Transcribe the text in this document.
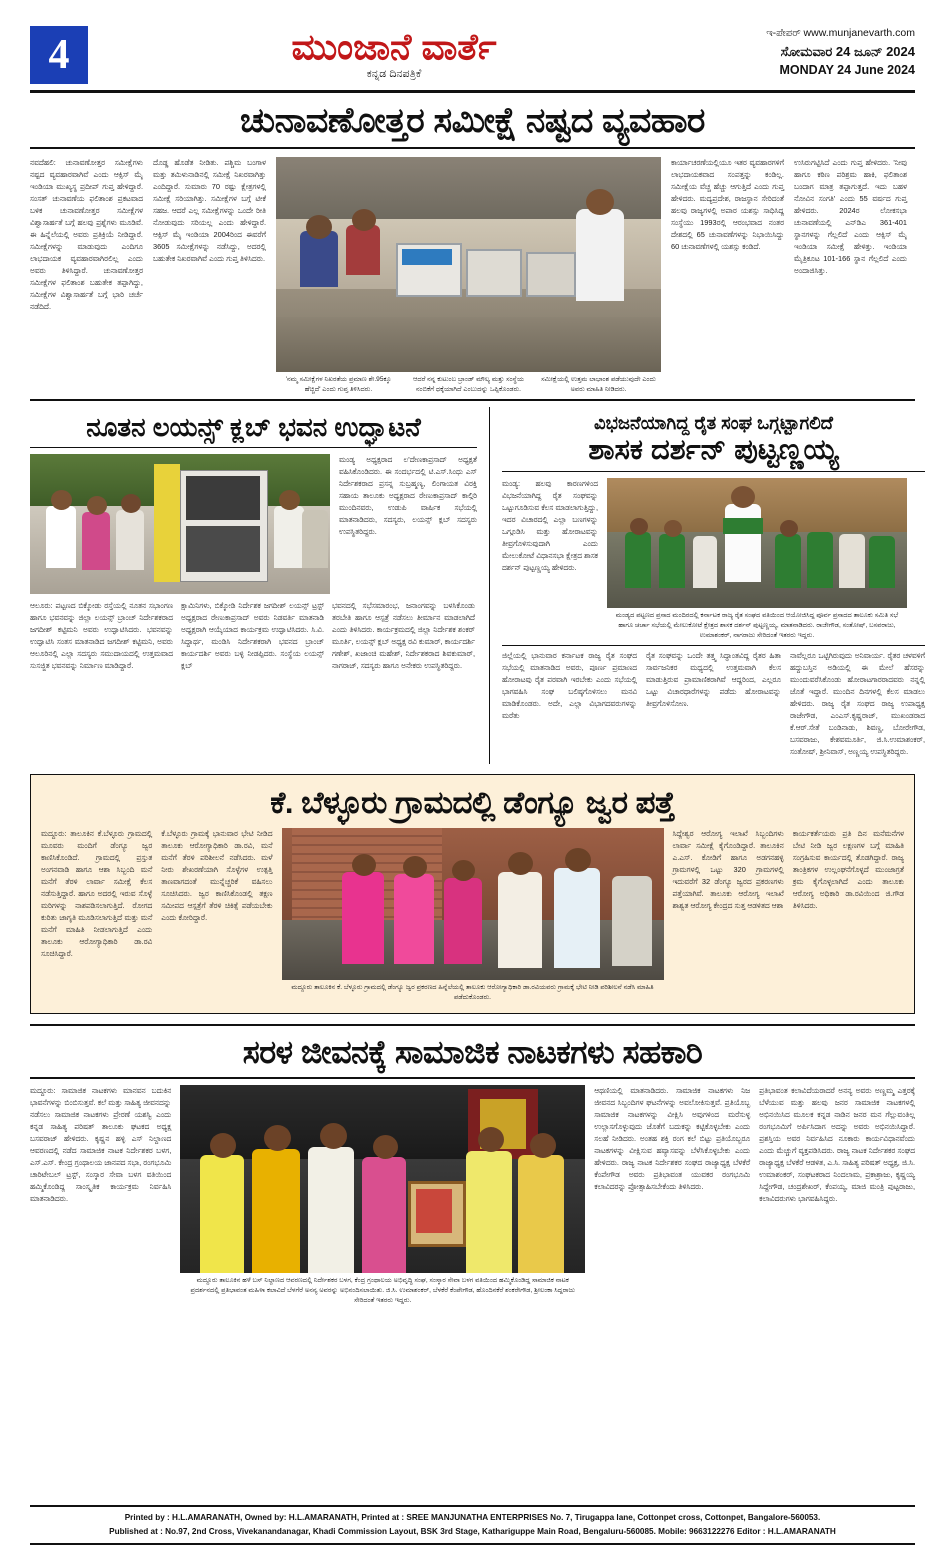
4	ಮುಂಜಾನೆ ವಾರ್ತೆ
ಕನ್ನಡ ದಿನಪತ್ರಿಕೆ
ಇ-ಪೇಪರ್ www.munjanevarth.com
ಸೋಮವಾರ 24 ಜೂನ್ 2024
MONDAY 24 June 2024
ಚುನಾವಣೋತ್ತರ ಸಮೀಕ್ಷೆ ನಷ್ಟದ ವ್ಯವಹಾರ

ನವದೆಹಲಿ: ಚುನಾವಣೋತ್ತರ ಸಮೀಕ್ಷೆಗಳು ನಷ್ಟದ ವ್ಯವಹಾರವಾಗಿವೆ ಎಂದು ಆಕ್ಸಿಸ್ ಮೈ ಇಂಡಿಯಾ ಮುಖ್ಯಸ್ಥ ಪ್ರದೀಪ್ ಗುಪ್ತ ಹೇಳಿದ್ದಾರೆ. ಸಂಸತ್ ಚುನಾವಣೆಯ ಫಲಿತಾಂಶ ಪ್ರಕಟವಾದ ಬಳಿಕ ಚುನಾವಣೋತ್ತರ ಸಮೀಕ್ಷೆಗಳ ವಿಶ್ವಾಸಾರ್ಹತೆ ಬಗ್ಗೆ ಹಲವು ಪ್ರಶ್ನೆಗಳು ಮೂಡಿವೆ. ಈ ಹಿನ್ನೆಲೆಯಲ್ಲಿ ಅವರು ಪ್ರತಿಕ್ರಿಯೆ ನೀಡಿದ್ದಾರೆ. ಸಮೀಕ್ಷೆಗಳನ್ನು ಮಾಡುವುದು ಎಂದಿಗೂ ಲಾಭದಾಯಕ ವ್ಯವಹಾರವಾಗಿರಲಿಲ್ಲ ಎಂದು ಅವರು ತಿಳಿಸಿದ್ದಾರೆ. ಚುನಾವಣೋತ್ತರ ಸಮೀಕ್ಷೆಗಳ ಫಲಿತಾಂಶ ಬಹುತೇಕ ತಪ್ಪಾಗಿದ್ದು, ಸಮೀಕ್ಷೆಗಳ ವಿಶ್ವಾಸಾರ್ಹತೆ ಬಗ್ಗೆ ಭಾರಿ ಚರ್ಚೆ ನಡೆದಿದೆ.

ದೊಡ್ಡ ಹೊಡೆತ ನೀಡಿತು. ಪಶ್ಚಿಮ ಬಂಗಾಳ ಮತ್ತು ತಮಿಳುನಾಡಿನಲ್ಲಿ ಸಮೀಕ್ಷೆ ನಿಖರವಾಗಿತ್ತು ಎಂದಿದ್ದಾರೆ. ಸುಮಾರು 70 ರಷ್ಟು ಕ್ಷೇತ್ರಗಳಲ್ಲಿ ಸಮೀಕ್ಷೆ ಸರಿಯಾಗಿತ್ತು. ಸಮೀಕ್ಷೆಗಳ ಬಗ್ಗೆ ಟೀಕೆ ಸಹಜ. ಆದರೆ ಎಲ್ಲ ಸಮೀಕ್ಷೆಗಳನ್ನು ಒಂದೇ ರೀತಿ ನೋಡುವುದು ಸರಿಯಲ್ಲ ಎಂದು ಹೇಳಿದ್ದಾರೆ. ಆಕ್ಸಿಸ್ ಮೈ ಇಂಡಿಯಾ 2004ರಿಂದ ಈವರೆಗೆ 3605 ಸಮೀಕ್ಷೆಗಳನ್ನು ನಡೆಸಿದ್ದು, ಅದರಲ್ಲಿ ಬಹುತೇಕ ನಿಖರವಾಗಿವೆ ಎಂದು ಗುಪ್ತ ತಿಳಿಸಿದರು.

'ನಮ್ಮ ಸಮೀಕ್ಷೆಗಳ ನಿಖರತೆಯ ಪ್ರಮಾಣ ಶೇ.95ಕ್ಕೂ ಹೆಚ್ಚಿದೆ' ಎಂದು ಗುಪ್ತ ತಿಳಿಸಿದರು.
ಆದರೆ ನನ್ನ ಕುಟುಂಬ ಬ್ರಾಂಡ್ ಮೌಲ್ಯ ಮತ್ತು ಸಂಸ್ಥೆಯ ನಂಬಿಕೆಗೆ ಧಕ್ಕೆಯಾಗಿದೆ ಎಂಬುದನ್ನು ಒಪ್ಪಿಕೊಂಡರು.
ಸಮೀಕ್ಷೆಯಲ್ಲಿ ಉತ್ತಮ ಲಾಭಾಂಶ ಪಡೆಯುವುದೇ ಎಂದು ಅವರು ಮಾಹಿತಿ ನೀಡಿದರು.

ಕಾರ್ಯಾಚರಣೆಯಲ್ಲಿಯೂ ಇತರ ವ್ಯವಹಾರಗಳಿಗೆ ಲಾಭದಾಯಕವಾದ ಸಂಪತ್ತನ್ನು ಕಂಡಿಲ್ಲ. ಸಮೀಕ್ಷೆಯ ವೆಚ್ಚ ಹೆಚ್ಚು ಆಗುತ್ತಿದೆ ಎಂದು ಗುಪ್ತ ಹೇಳಿದರು. ಮದ್ಯಪ್ರದೇಶ, ರಾಜಸ್ಥಾನ ಸೇರಿದಂತೆ ಹಲವು ರಾಜ್ಯಗಳಲ್ಲಿ ಅಪಾರ ಯಶಸ್ಸು ಸಾಧಿಸಿದ್ದ ಸಂಸ್ಥೆಯು 1993ರಲ್ಲಿ ಆರಂಭವಾದ ನಂತರ ದೇಶದಲ್ಲಿ 65 ಚುನಾವಣೆಗಳನ್ನು ನಿಭಾಯಿಸಿದ್ದು 60 ಚುನಾವಣೆಗಳಲ್ಲಿ ಯಶಸ್ಸು ಕಂಡಿದೆ.

ಉಸಿರುಗಟ್ಟಿಸಿದೆ ಎಂದು ಗುಪ್ತ ಹೇಳಿದರು. 'ನೀವು ಹಾಗೂ ಕಠಿಣ ಪರಿಶ್ರಮ ಹಾಕಿ, ಫಲಿತಾಂಶ ಬಂದಾಗ ಮಾತ್ರ ತಪ್ಪಾಗುತ್ತದೆ. ಇದು ಬಹಳ ನೋವಿನ ಸಂಗತಿ' ಎಂದು 55 ವರ್ಷದ ಗುಪ್ತ ಹೇಳಿದರು. 2024ರ ಲೋಕಸಭಾ ಚುನಾವಣೆಯಲ್ಲಿ ಎನ್‌ಡಿಎ 361-401 ಸ್ಥಾನಗಳನ್ನು ಗೆಲ್ಲಲಿದೆ ಎಂದು ಆಕ್ಸಿಸ್ ಮೈ ಇಂಡಿಯಾ ಸಮೀಕ್ಷೆ ಹೇಳಿತ್ತು. ಇಂಡಿಯಾ ಮೈತ್ರಿಕೂಟ 101-166 ಸ್ಥಾನ ಗೆಲ್ಲಲಿದೆ ಎಂದು ಅಂದಾಜಿಸಿತ್ತು.

ನೂತನ ಲಯನ್ಸ್ ಕ್ಲಬ್ ಭವನ ಉದ್ಘಾಟನೆ

ಮಂಡ್ಯ ಅಧ್ಯಕ್ಷರಾದ ಲ'ದೇಣಕಾಪ್ರಸಾದ್ ಅಧ್ಯಕ್ಷತೆ ವಹಿಸಿಕೊಂಡಿದರು. ಈ ಸಂದರ್ಭದಲ್ಲಿ ಟಿ.ಎಸ್.ಸಿಂಧು ಎಸ್ ನಿರ್ದೇಶಕರಾದ ಪ್ರಸನ್ನ ಸುಬ್ರಹ್ಮಣ್ಯ, ಲಿಂಗಾಯತ ವಿರಕ್ತಿ ಸಹಾಯ ತಾಲೂಕು ಅಧ್ಯಕ್ಷರಾದ ರೇಣುಕಾಪ್ರಸಾದ್ ಕಾಲ್ಗಿರಿ ಮುಂದಿನವರು, ಉಡುಪಿ ವಾರ್ಷಿಕ ಸಭೆಯಲ್ಲಿ ಮಾತನಾಡಿದರು, ಸದಸ್ಯರು, ಲಯನ್ಸ್ ಕ್ಲಬ್ ಸದಸ್ಯರು ಉಪಸ್ಥಿತರಿದ್ದರು.

ಆಲೂರು: ಪಟ್ಟಣದ ಬಿಕ್ಕೋಡು ರಸ್ತೆಯಲ್ಲಿ ನೂತನ ಸಭಾಂಗಣ ಹಾಗೂ ಭವನವನ್ನು ಜಿಲ್ಲಾ ಲಯನ್ಸ್ ಬ್ರಾಂಚ್ ನಿರ್ದೇಶಕರಾದ ಜಗದೀಶ್ ಕಟ್ಟಿಮನಿ ಅವರು ಉದ್ಘಾಟಿಸಿದರು. ಭವನವನ್ನು ಉದ್ಘಾಟಿಸಿ ಸಂತಸ ಮಾತನಾಡಿದ ಜಗದೀಶ್ ಕಟ್ಟಿಮನಿ, ಅವರು ಆಲೂರಿನಲ್ಲಿ ಎಲ್ಲಾ ಸದಸ್ಯರು ಸಮುದಾಯದಲ್ಲಿ ಉತ್ತಮವಾದ ಸುಸಜ್ಜಿತ ಭವನವನ್ನು ನಿರ್ಮಾಣ ಮಾಡಿದ್ದಾರೆ.

ಕ್ಷಾಮಿನಿಗಳು, ಬಿಕ್ಕೋಡಿ ನಿರ್ದೇಶಕ ಜಗದೀಶ್ ಲಯನ್ಸ್ ಟ್ರಸ್ಟ್ ಅಧ್ಯಕ್ಷರಾದ ರೇಣುಕಾಪ್ರಸಾದ್ ಅವರು ನಿಡವರ್ತಿ ಮಾತನಾಡಿ ಅಧ್ಯಕ್ಷರಾಗಿ ಆಯ್ಕೆಯಾದ ಕಾರ್ಯಕ್ರಮ ಉದ್ಘಾಟಿಸಿದರು. ಸಿ.ವಿ. ಸಿದ್ದಾರ್ಥ, ಮಂಡಿಸಿ ನಿರ್ದೇಶಕರಾಗಿ ಭವನದ ಬ್ರಾಂಚ್ ಕಾರ್ಯದರ್ಶಿ ಅವರು ಬಳ್ಳಿ ನೀಡಪ್ಪಿದರು. ಸಂಸ್ಥೆಯ ಲಯನ್ಸ್ ಕ್ಲಬ್

ಭವನದಲ್ಲಿ ಸಭೆಸಮಾರಂಭ, ಜನಾಂಗವನ್ನು ಬಳಸಿಕೊಂಡು ತರಬೇತಿ ಹಾಗೂ ಆಸ್ಪತ್ರೆ ನಡೆಸಲು ತೀರ್ಮಾನ ಮಾಡಲಾಗಿದೆ ಎಂದು ತಿಳಿಸಿದರು. ಕಾರ್ಯಕ್ರಮದಲ್ಲಿ ಜಿಲ್ಲಾ ನಿರ್ದೇಶಕ ಶಂಕರ್ ಮೂರ್ತಿ, ಲಯನ್ಸ್ ಕ್ಲಬ್ ಅಧ್ಯಕ್ಷ ರವಿ ಕುಮಾರ್, ಕಾರ್ಯದರ್ಶಿ ಗಣೇಶ್, ಖಜಾಂಚಿ ಮಹೇಶ್, ನಿರ್ದೇಶಕರಾದ ಶಿವಕುಮಾರ್, ನಾಗರಾಜ್, ಸದಸ್ಯರು ಹಾಗೂ ಅನೇಕರು ಉಪಸ್ಥಿತರಿದ್ದರು.

ವಿಭಜನೆಯಾಗಿದ್ದ ರೈತ ಸಂಘ ಒಗ್ಗಟ್ಟಾಗಲಿದೆ
ಶಾಸಕ ದರ್ಶನ್ ಪುಟ್ಟಣ್ಣಯ್ಯ

ಮಂಡ್ಯ: ಹಲವು ಕಾರಣಗಳಿಂದ ವಿಭಜನೆಯಾಗಿದ್ದ ರೈತ ಸಂಘವನ್ನು ಒಟ್ಟುಗೂಡಿಸುವ ಕೆಲಸ ಮಾಡಲಾಗುತ್ತಿದ್ದು, ಇದರ ವಿಚಾರದಲ್ಲಿ ಎಲ್ಲಾ ಬಣಗಳನ್ನು ಒಗ್ಗೂಡಿಸಿ ಮತ್ತು ಹೋರಾಟವನ್ನು ತೀವ್ರಗೊಳಿಸುವುದಾಗಿ ಎಂದು ಮೇಲುಕೋಟೆ ವಿಧಾನಸಭಾ ಕ್ಷೇತ್ರದ ಶಾಸಕ ದರ್ಶನ್ ಪುಟ್ಟಣ್ಣಯ್ಯ ಹೇಳಿದರು.

ಮಂಡ್ಯದ ಪಟ್ಟಣದ ಪ್ರಸಾದ ಮಂದಿರದಲ್ಲಿ ಕರ್ನಾಟಕ ರಾಜ್ಯ ರೈತ ಸಂಘದ ವತಿಯಿಂದ ಆಯೋಜಿಸಿದ್ದ ಪೂರ್ವ ಪ್ರಸಾದದ ತಾಲೂಕು ಸಮಿತಿ ಸಭೆ ಹಾಗೂ ಚರ್ಚಾ ಸಭೆಯಲ್ಲಿ ಮೇಲುಕೋಟೆ ಕ್ಷೇತ್ರದ ಶಾಸಕ ದರ್ಶನ್ ಪುಟ್ಟಣ್ಣಯ್ಯ, ಮಾತನಾಡಿದರು. ರಾಜೇಗೌಡ, ಸಂತೋಷ್, ಬಸವರಾಜು, ಉಮಾಶಂಕರ್, ನಾಗರಾಜು ಸೇರಿದಂತೆ ಇತರರು ಇದ್ದರು.

ಜಿಲ್ಲೆಯಲ್ಲಿ ಭಾನುವಾರ ಕರ್ನಾಟಕ ರಾಜ್ಯ ರೈತ ಸಂಘದ ಸಭೆಯಲ್ಲಿ ಮಾತನಾಡಿದ ಅವರು, ಪೂರ್ಣ ಪ್ರಮಾಣದ ಹೋರಾಟವು ರೈತ ಪರವಾಗಿ ಇರಬೇಕು ಎಂದು ಸಭೆಯಲ್ಲಿ ಭಾಗವಹಿಸಿ ಸಂಘ ಬಲಿಷ್ಠಗೊಳಿಸಲು ಮನವಿ ಮಾಡಿಕೊಂಡರು. ಅದೇ, ಎಲ್ಲಾ ವಿಭಾಗದವರುಗಳನ್ನು ಮರೆತು

ರೈತ ಸಂಘವನ್ನು ಒಂದೇ ತತ್ತ್ವ ಸಿದ್ಧಾಂತವಿದ್ದ ರೈತರ ಹಿತಾ ಸಾರ್ವಜನಿಕರ ಮಧ್ಯದಲ್ಲಿ ಉತ್ತಮವಾಗಿ ಕೆಲಸ ಮಾಡುತ್ತಿರುವ ಪ್ರಾಮಾಣಿಕರಾಗಿವೆ ಆದ್ದರಿಂದ, ಎಲ್ಲರೂ ಒಟ್ಟು ವಿಚಾರಧಾರೆಗಳನ್ನು ಪಡೆದು ಹೋರಾಟವನ್ನು ತೀವ್ರಗೊಳಿಸೋಣ.

ನಾವೆಲ್ಲರೂ ಒಟ್ಟಿಗಿರುವುದು ಅನಿವಾರ್ಯ. ರೈತರ ಚಳವಳಿಗೆ ಹದ್ದುಬಸ್ತಿನ ಅಡಿಯಲ್ಲಿ ಈ ಮೇಲೆ ಹೆಸರನ್ನು ಮುಂದುವರೆಸಿಕೊಂಡು ಹೋರಾಟಗಾರರಾದವರು ನನ್ನಲ್ಲಿ ಜೊತೆ ಇದ್ದಾರೆ. ಮುಂದಿನ ದಿನಗಳಲ್ಲಿ ಕೆಲಸ ಮಾಡಲು ಹೇಳಿದರು. ರಾಜ್ಯ ರೈತ ಸಂಘದ ರಾಜ್ಯ ಉಪಾಧ್ಯಕ್ಷ ರಾಜೇಗೌಡ, ಎಂಎಸ್.ಕೃಷ್ಣರಾಜ್, ಮುಖಂಡರಾದ ಕೆ.ಆರ್.ಸೇತೆ ಬಂಡಿನಾಡು, ಶಿವಣ್ಣ, ಬೋರೇಗೌಡ, ಬಸವರಾಜು, ಕೇಶವಮೂರ್ತಿ, ಜಿ.ಸಿ.ಉಮಾಶಂಕರ್, ಸಂತೋಷ್, ಶ್ರೀನಿವಾಸ್, ಅಣ್ಣಯ್ಯ ಉಪಸ್ಥಿತರಿದ್ದರು.

ಕೆ. ಬೆಳ್ಳೂರು ಗ್ರಾಮದಲ್ಲಿ ಡೆಂಗ್ಯೂ ಜ್ವರ ಪತ್ತೆ

ಮದ್ದೂರು: ತಾಲೂಕಿನ ಕೆ.ಬೆಳ್ಳೂರು ಗ್ರಾಮದಲ್ಲಿ ಮೂವರು ಮಂದಿಗೆ ಡೆಂಗ್ಯೂ ಜ್ವರ ಕಾಣಿಸಿಕೊಂಡಿದೆ. ಗ್ರಾಮದಲ್ಲಿ ಪ್ರಸ್ತುತ ಅಂಗನವಾಡಿ ಹಾಗೂ ಆಶಾ ಸಿಬ್ಬಂದಿ ಮನೆ ಮನೆಗೆ ತೆರಳಿ ಲಾರ್ವಾ ಸಮೀಕ್ಷೆ ಕೆಲಸ ನಡೆಸುತ್ತಿದ್ದಾರೆ. ಹಾಗೂ ಅದರಲ್ಲಿ ಇರುವ ಸೊಳ್ಳೆ ಮರಿಗಳನ್ನು ನಾಶಪಡಿಸಲಾಗುತ್ತಿದೆ. ರೋಗದ ಕುರಿತು ಜಾಗೃತಿ ಮೂಡಿಸಲಾಗುತ್ತಿದೆ ಮತ್ತು ಮನೆ ಮನೆಗೆ ಮಾಹಿತಿ ನೀಡಲಾಗುತ್ತಿದೆ ಎಂದು ತಾಲೂಕು ಆರೋಗ್ಯಾಧಿಕಾರಿ ಡಾ.ರವಿ ಸೂಚಿಸಿದ್ದಾರೆ.

ಕೆ.ಬೆಳ್ಳೂರು ಗ್ರಾಮಕ್ಕೆ ಭಾನುವಾರ ಭೇಟಿ ನೀಡಿದ ತಾಲೂಕು ಆರೋಗ್ಯಾಧಿಕಾರಿ ಡಾ.ರವಿ, ಮನೆ ಮನೆಗೆ ತೆರಳಿ ಪರಿಶೀಲನೆ ನಡೆಸಿದರು. ಮಳೆ ನೀರು ಶೇಖರಣೆಯಾಗಿ ಸೊಳ್ಳೆಗಳ ಉತ್ಪತ್ತಿ ತಾಣವಾಗದಂತೆ ಮುನ್ನೆಚ್ಚರಿಕೆ ವಹಿಸಲು ಸೂಚಿಸಿದರು. ಜ್ವರ ಕಾಣಿಸಿಕೊಂಡಲ್ಲಿ ತಕ್ಷಣ ಸಮೀಪದ ಆಸ್ಪತ್ರೆಗೆ ತೆರಳಿ ಚಿಕಿತ್ಸೆ ಪಡೆಯಬೇಕು ಎಂದು ಕೋರಿದ್ದಾರೆ.

ಮದ್ದೂರು ತಾಲೂಕಿನ ಕೆ. ಬೆಳ್ಳೂರು ಗ್ರಾಮದಲ್ಲಿ ಡೆಂಗ್ಯೂ ಜ್ವರ ಪ್ರಕರಣದ ಹಿನ್ನೆಲೆಯಲ್ಲಿ ತಾಲೂಕು ಆರೋಗ್ಯಾಧಿಕಾರಿ ಡಾ.ರವಿಯವರು ಗ್ರಾಮಕ್ಕೆ ಭೇಟಿ ನೀಡಿ ಪರಿಶೀಲನೆ ನಡೆಸಿ ಮಾಹಿತಿ ಪಡೆದುಕೊಂಡರು.

ಸಿದ್ದೇಶ್ವರ ಆರೋಗ್ಯ ಇಲಾಖೆ ಸಿಬ್ಬಂದಿಗಳು ಲಾರ್ವಾ ಸಮೀಕ್ಷೆ ಕೈಗೊಂಡಿದ್ದಾರೆ. ತಾಲೂಕಿನ ಎ.ಎಸ್. ಕೋಡಿಗೆ ಹಾಗೂ ಅಡಗನಹಳ್ಳಿ ಗ್ರಾಮಗಳಲ್ಲಿ ಒಟ್ಟು 320 ಗ್ರಾಮಗಳಲ್ಲಿ ಇದುವರೆಗೆ 32 ಡೆಂಗ್ಯೂ ಜ್ವರದ ಪ್ರಕರಣಗಳು ಪತ್ತೆಯಾಗಿವೆ. ತಾಲೂಕು ಆರೋಗ್ಯ ಇಲಾಖೆ ಶಾಶ್ವತ ಆರೋಗ್ಯ ಕೇಂದ್ರದ ಸುತ್ತ ಆಡಳಿತದ ಆಶಾ

ಕಾರ್ಯಕರ್ತೆಯರು ಪ್ರತಿ ದಿನ ಮನೆಮನೆಗಳ ಬೇಟಿ ನೀಡಿ ಜ್ವರ ಲಕ್ಷಣಗಳ ಬಗ್ಗೆ ಮಾಹಿತಿ ಸಂಗ್ರಹಿಸುವ ಕಾರ್ಯದಲ್ಲಿ ತೊಡಗಿದ್ದಾರೆ. ರಾಜ್ಯ ತಾಂತ್ರಿಕಗಳ ಉಲ್ಲಂಘನೆಗೊಳ್ಳದೆ ಮುಂಜಾಗ್ರತೆ ಕ್ರಮ ಕೈಗೊಳ್ಳಲಾಗಿದೆ ಎಂದು ತಾಲೂಕು ಆರೋಗ್ಯ ಅಧಿಕಾರಿ ಡಾ.ರವಿಯಿಂದ ಜಿ.ಗೌಡ ತಿಳಿಸಿದರು.

ಸರಳ ಜೀವನಕ್ಕೆ ಸಾಮಾಜಿಕ ನಾಟಕಗಳು ಸಹಕಾರಿ

ಮದ್ದೂರು: ಸಾಮಾಜಿಕ ನಾಟಕಗಳು ಮಾನವನ ಬದುಕಿನ ಭಾವನೆಗಳನ್ನು ಬಿಂಬಿಸುತ್ತವೆ. ಕಲೆ ಮತ್ತು ಸಾಹಿತ್ಯ ಜೀವನದನ್ನು ನಡೆಸಲು ಸಾಮಾಜಿಕ ನಾಟಕಗಳು ಪ್ರೇರಣೆ ಯಶಸ್ವಿ ಎಂದು ಕನ್ನಡ ಸಾಹಿತ್ಯ ಪರಿಷತ್ ತಾಲೂಕು ಘಟಕದ ಅಧ್ಯಕ್ಷ ಬಸವರಾಜ್ ಹೇಳಿದರು. ಕೃಷ್ಣನ ಹಳ್ಳಿ ಎಸ್ ನಿಲ್ದಾಣದ ಆವರಣದಲ್ಲಿ ನಡೆದ ಸಾಮಾಜಿಕ ನಾಟಕ ನಿರ್ದೇಶಕರ ಬಳಗ, ಎಸ್.ಎಸ್. ಕೇಂದ್ರ ಗ್ರಂಥಾಲಯ ಜಾನಪದ ಸಭಾ, ರಂಗಭೂಮಿ ಚಾರಿಟೇಬಲ್ ಟ್ರಸ್ಟ್, ಸಂಸ್ಕಾರ ಸೇವಾ ಬಳಗ ವತಿಯಿಂದ ಹಮ್ಮಿಕೊಂಡಿದ್ದ ಸಾಂಸ್ಕೃತಿಕ ಕಾರ್ಯಕ್ರಮ ನಿರ್ವಹಿಸಿ ಮಾತನಾಡಿದರು.

ಮದ್ದೂರು ತಾಲೂಕಿನ ಹಳೆ ಬಸ್ ನಿಲ್ದಾಣದ ಆವರಣದಲ್ಲಿ ನಿರ್ದೇಶಕರ ಬಳಗ, ಕೆಂದ್ರ ಗ್ರಂಥಾಲಯ ಅಭಿವೃದ್ಧಿ ಸಂಘ, ಸಂಸ್ಕಾರ ಸೇವಾ ಬಳಗ ವತಿಯಿಂದ ಹಮ್ಮಿಕೊಂಡಿದ್ದ ಸಾಮಾಜಿಕ ನಾಟಕ ಪ್ರದರ್ಶನದಲ್ಲಿ ಪ್ರತಿಭಾವಂತ ಮಹಿಳಾ ಕಲಾವಿದೆ ಬೆಳಗೆರೆ ಅನನ್ಯ ಅವರನ್ನು ಅಭಿನಂದಿಸಲಾಯಿತು. ಜಿ.ಸಿ. ಉಮಾಶಂಕರ್, ಬೆಳಕೆರೆ ಕೆಂಪೇಗೌಡ, ಹೊಂದಿನಕೆರೆ ಶಂಕರೇಗೌಡ, ಶ್ರೀಲಂಕಾ ಸಿದ್ದರಾಜು ಸೇರಿದಂತೆ ಇತರರು ಇದ್ದರು.

ಆಥಣಿಯಲ್ಲಿ ಮಾತನಾಡಿದರು. ಸಾಮಾಜಿಕ ನಾಟಕಗಳು ನಿಜ ಜೀವನದ ಸಿಬ್ಬಂದಿಗಳ ಘಟನೆಗಳನ್ನು ಅವಲೋಕಿಸುತ್ತವೆ. ಪ್ರತಿಯೊಬ್ಬ ಸಾಮಾಜಿಕ ನಾಟಕಗಳನ್ನು ವೀಕ್ಷಿಸಿ ಅವುಗಳಿಂದ ಮರೆಸುಳ್ಳ ಉಲ್ಲಾಸಗೊಳ್ಳುವುದು ಜೊತೆಗೆ ಬದುಕನ್ನು ಕಟ್ಟಿಕೊಳ್ಳಬೇಕು ಎಂದು ಸಲಹೆ ನೀಡಿದರು. ಅಂತಹ ಶಕ್ತಿ ರಂಗ ಕಲೆ ಬಿಟ್ಟು ಪ್ರತಿಯೊಬ್ಬರೂ ನಾಟಕಗಳನ್ನು ವೀಕ್ಷಿಸುವ ಹವ್ಯಾಸವನ್ನು ಬೆಳೆಸಿಕೊಳ್ಳಬೇಕು ಎಂದು ಹೇಳಿದರು. ರಾಜ್ಯ ನಾಟಕ ನಿರ್ದೇಶಕರ ಸಂಘದ ರಾಜ್ಯಾಧ್ಯಕ್ಷ ಬೆಳಕೆರೆ ಕೆಂಪೇಗೌಡ ಅವರು ಪ್ರತಿಭಾವಂತ ಯುವಕರ ರಂಗಭೂಮಿ ಕಲಾವಿದರನ್ನು ಪ್ರೋತ್ಸಾಹಿಸಬೇಕೆಂದು ತಿಳಿಸಿದರು.

ಪ್ರತಿಭಾವಂತ ಕಲಾವಿದೆಯರಾದರೆ ಅನನ್ಯ ಅವರು ಅಣ್ಣಮ್ಮ ಎತ್ತರಕ್ಕೆ ಬೆಳೆಯುವ ಮತ್ತು ಹಲವು ಜನರ ಸಾಮಾಜಿಕ ನಾಟಕಗಳಲ್ಲಿ ಅಭಿನಯಿಸಿದ ಮೂಲಕ ಕನ್ನಡ ನಾಡಿನ ಜನರ ಮನ ಗೆಲ್ಲುವಂತಿಲ್ಲ ರಂಗಭೂಮಿಗೆ ಅರ್ಪಿಸಿದಾಗ ಅದನ್ನು ಅವರು ಅಭಿನಯಿಸಿದ್ದಾರೆ. ಪ್ರಶಸ್ತಿಯ ಅವರ ನಿರ್ವಹಿಸಿದ ನೂಕಾರು ಕಾರ್ಯವಿಧಾನವೆಂದು ಎಂದು ಮೆಚ್ಚುಗೆ ವ್ಯಕ್ತಪಡಿಸಿದರು. ರಾಜ್ಯ ನಾಟಕ ನಿರ್ದೇಶಕರ ಸಂಘದ ರಾಜ್ಯಾಧ್ಯಕ್ಷ ಬೆಳಕೆರೆ ಆಡಳಿತ, ಎ.ಸಿ. ಸಾಹಿತ್ಯ ಪರಿಷತ್ ಅಧ್ಯಕ್ಷ, ಜಿ.ಸಿ. ಉಮಾಶಂಕರ್, ಸಂಘಟಕರಾದ ನಿಂದಲಾಮ, ಪ್ರಕಾಶ್ರಾಜು, ಕೃಷ್ಣಯ್ಯ ಸಿದ್ದೇಗೌಡ, ಚಂದ್ರಶೇಖರ್, ಕೆಂಪಯ್ಯ, ಮಾಜಿ ಮಂತ್ರಿ ಪುಟ್ಟರಾಜು, ಕಲಾವಿದರುಗಳು ಭಾಗವಹಿಸಿದ್ದರು.

Printed by : H.L.AMARANATH, Owned by: H.L.AMARANATH, Printed at : SREE MANJUNATHA ENTERPRISES No. 7, Tirugappa lane, Cottonpet cross, Cottonpet, Bangalore-560053.
Published at : No.97, 2nd Cross, Vivekanandanagar, Khadi Commission Layout, BSK 3rd Stage, Kathariguppe Main Road, Bengaluru-560085. Mobile: 9663122276 Editor : H.L.AMARANATH
